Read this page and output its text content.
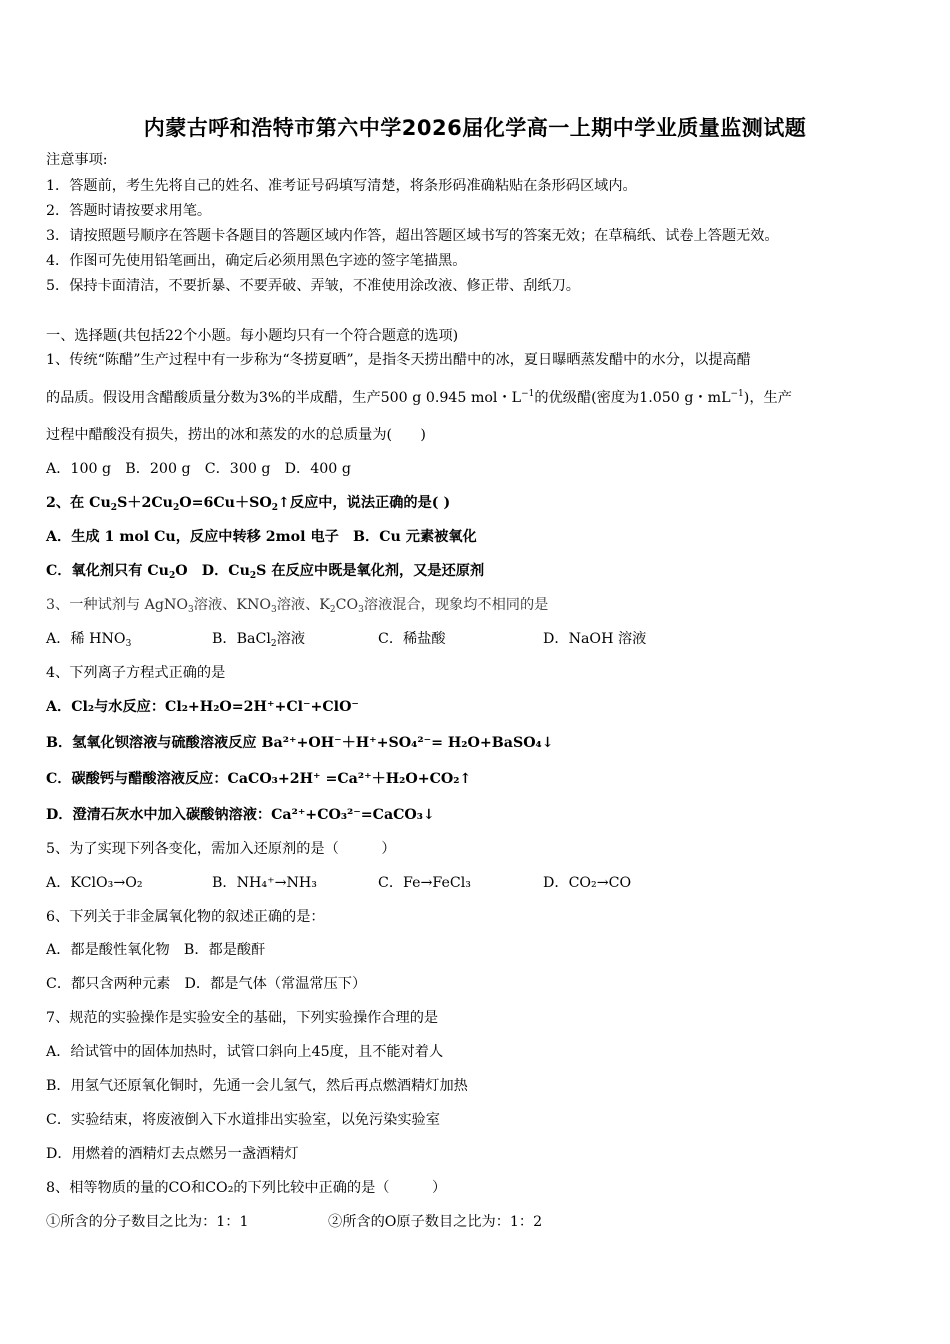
内蒙古呼和浩特市第六中学2026届化学高一上期中学业质量监测试题
注意事项:
1．答题前，考生先将自己的姓名、准考证号码填写清楚，将条形码准确粘贴在条形码区域内。
2．答题时请按要求用笔。
3．请按照题号顺序在答题卡各题目的答题区域内作答，超出答题区域书写的答案无效；在草稿纸、试卷上答题无效。
4．作图可先使用铅笔画出，确定后必须用黑色字迹的签字笔描黑。
5．保持卡面清洁，不要折暴、不要弄破、弄皱，不准使用涂改液、修正带、刮纸刀。
一、选择题(共包括22个小题。每小题均只有一个符合题意的选项)
1、传统“陈醋”生产过程中有一步称为“冬捞夏晒”，是指冬天捞出醋中的冰，夏日曝晒蒸发醋中的水分，以提高醋
的品质。假设用含醋酸质量分数为3%的半成醋，生产500 g 0.945 mol・$L^{-1}$的优级醋(密度为1.050 g・$mL^{-1}$)，生产
过程中醋酸没有损失，捞出的冰和蒸发的水的总质量为(　　)
A．100 g　B．200 g　C．300 g　D．400 g
2、在 $Cu_2S+2Cu_2O=6Cu+SO_2↑$反应中，说法正确的是( )
A．生成 1 mol Cu，反应中转移 2mol 电子　B．Cu 元素被氧化
C．氧化剂只有 $Cu_2O$　D．$Cu_2S$ 在反应中既是氧化剂，又是还原剂
3、一种试剂与 AgNO$_3$溶液、$KNO_3$溶液、$K_2CO_3$溶液混合，现象均不相同的是
A．稀 $HNO_3$	B．BaCl$_2$溶液	C．稀盐酸	D．NaOH 溶液
4、下列离子方程式正确的是
A．Cl₂与水反应：Cl₂+H₂O=2H⁺+Cl⁻+ClO⁻
B．氢氧化钡溶液与硫酸溶液反应 Ba²⁺+OH⁻＋H⁺+SO₄²⁻= H₂O+BaSO₄↓
C．碳酸钙与醋酸溶液反应：CaCO₃+2H⁺ =Ca²⁺＋H₂O+CO₂↑
D．澄清石灰水中加入碳酸钠溶液：Ca²⁺+CO₃²⁻=CaCO₃↓
5、为了实现下列各变化，需加入还原剂的是（　　　）
A．KClO₃→O₂	B．NH₄⁺→NH₃	C．Fe→FeCl₃	D．CO₂→CO
6、下列关于非金属氧化物的叙述正确的是：
A．都是酸性氧化物　B．都是酸酐
C．都只含两种元素　D．都是气体（常温常压下）
7、规范的实验操作是实验安全的基础，下列实验操作合理的是
A．给试管中的固体加热时，试管口斜向上45度，且不能对着人
B．用氢气还原氧化铜时，先通一会儿氢气，然后再点燃酒精灯加热
C．实验结束，将废液倒入下水道排出实验室，以免污染实验室
D．用燃着的酒精灯去点燃另一盏酒精灯
8、相等物质的量的CO和CO₂的下列比较中正确的是（　　　）
①所含的分子数目之比为：1：1	②所含的O原子数目之比为：1：2
